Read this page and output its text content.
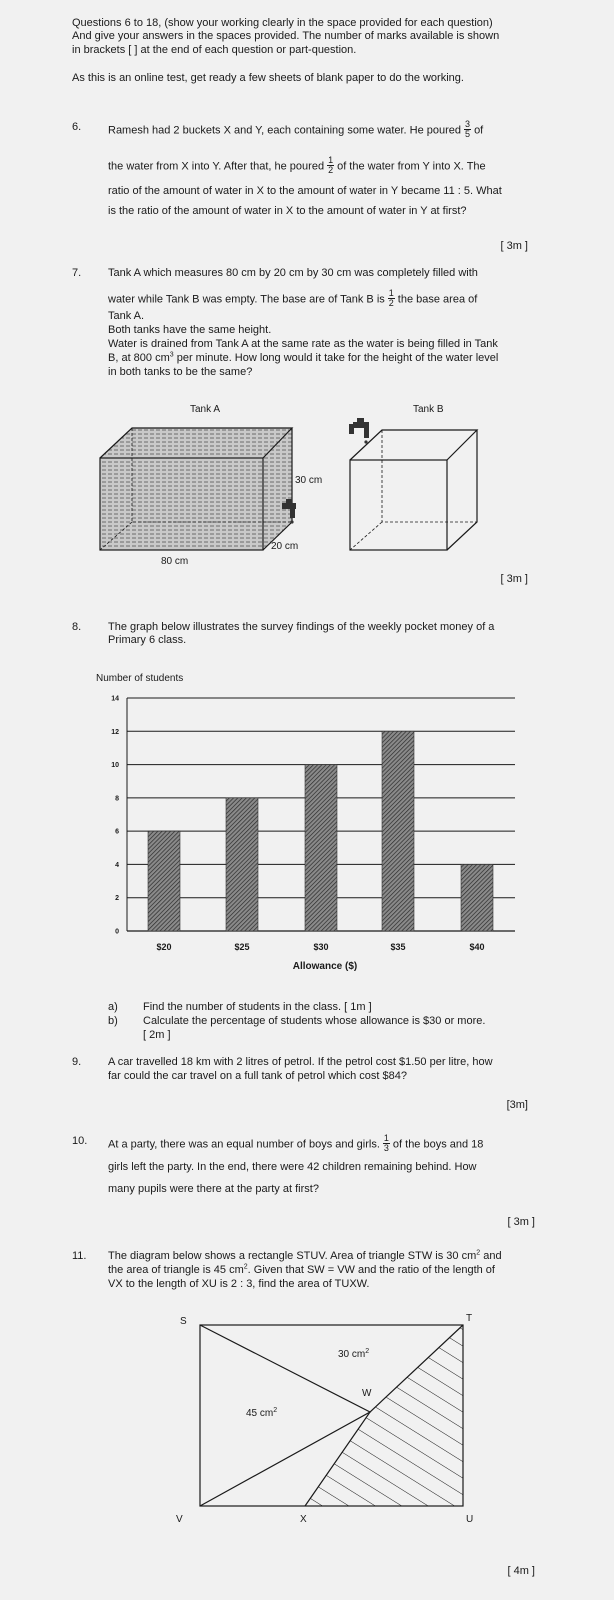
Tank A	Tank B
30 cm
20 cm
80 cm
Number of students
0
2
4
6
8
10
12
14
$20	$25	$30	$35	$40
Allowance ($)
S	T
U
V	X
W
30 $cm^2$
45 $cm^2$
Questions 6 to 18, (show your working clearly in the space provided for each question)
And give your answers in the spaces provided. The number of marks available is shown
in brackets [ ] at the end of each question or part-question.
As this is an online test, get ready a few sheets of blank paper to do the working.
6. Ramesh had 2 buckets X and Y, each containing some water. He poured $\frac{3}{5}$ of
the water from X into Y. After that, he poured $\frac{1}{2}$ of the water from Y into X. The
ratio of the amount of water in X to the amount of water in Y became 11 : 5. What
is the ratio of the amount of water in X to the amount of water in Y at first?
[ 3m ]
7. Tank A which measures 80 cm by 20 cm by 30 cm was completely filled with
water while Tank B was empty. The base are of Tank B is $\frac{1}{2}$ the base area of
Tank A.
Both tanks have the same height.
Water is drained from Tank A at the same rate as the water is being filled in Tank
B, at 800 $cm^3$ per minute. How long would it take for the height of the water level
in both tanks to be the same?
[ 3m ]
8. The graph below illustrates the survey findings of the weekly pocket money of a
Primary 6 class.
a) Find the number of students in the class. [ 1m ]
b) Calculate the percentage of students whose allowance is $30 or more.
[ 2m ]
9. A car travelled 18 km with 2 litres of petrol. If the petrol cost $1.50 per litre, how
far could the car travel on a full tank of petrol which cost $84?
[3m]
10. At a party, there was an equal number of boys and girls. $\frac{1}{3}$ of the boys and 18
girls left the party. In the end, there were 42 children remaining behind. How
many pupils were there at the party at first?
[ 3m ]
11. The diagram below shows a rectangle STUV. Area of triangle STW is 30 $cm^2$ and
the area of triangle is 45 $cm^2$. Given that SW = VW and the ratio of the length of
VX to the length of XU is 2 : 3, find the area of TUXW.
[ 4m ]
